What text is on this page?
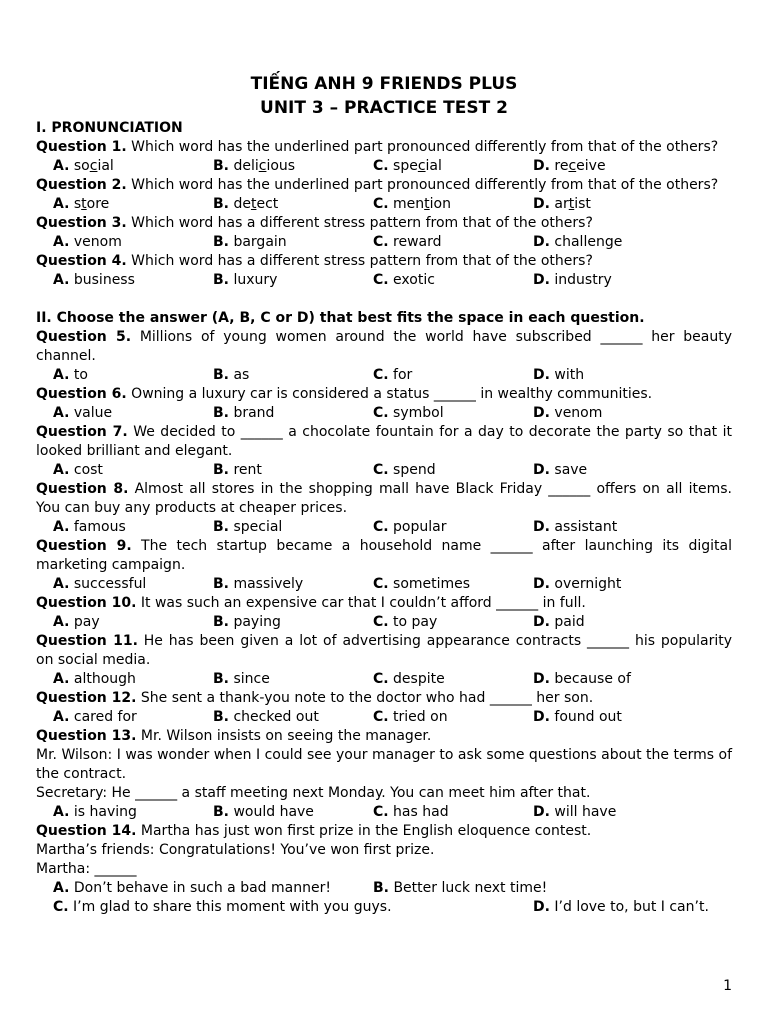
TIẾNG ANH 9 FRIENDS PLUS
UNIT 3 – PRACTICE TEST 2
I. PRONUNCIATION
Question 1. Which word has the underlined part pronounced differently from that of the others?
A. social	B. delicious	C. special	D. receive
Question 2. Which word has the underlined part pronounced differently from that of the others?
A. store	B. detect	C. mention	D. artist
Question 3. Which word has a different stress pattern from that of the others?
A. venom	B. bargain	C. reward	D. challenge
Question 4. Which word has a different stress pattern from that of the others?
A. business	B. luxury	C. exotic	D. industry
II. Choose the answer (A, B, C or D) that best fits the space in each question.
Question 5. Millions of young women around the world have subscribed ______ her beauty channel.
A. to	B. as	C. for	D. with
Question 6. Owning a luxury car is considered a status ______ in wealthy communities.
A. value	B. brand	C. symbol	D. venom
Question 7. We decided to ______ a chocolate fountain for a day to decorate the party so that it looked brilliant and elegant.
A. cost	B. rent	C. spend	D. save
Question 8. Almost all stores in the shopping mall have Black Friday ______ offers on all items. You can buy any products at cheaper prices.
A. famous	B. special	C. popular	D. assistant
Question 9. The tech startup became a household name ______ after launching its digital marketing campaign.
A. successful	B. massively	C. sometimes	D. overnight
Question 10. It was such an expensive car that I couldn’t afford ______ in full.
A. pay	B. paying	C. to pay	D. paid
Question 11. He has been given a lot of advertising appearance contracts ______ his popularity on social media.
A. although	B. since	C. despite	D. because of
Question 12. She sent a thank-you note to the doctor who had ______ her son.
A. cared for	B. checked out	C. tried on	D. found out
Question 13. Mr. Wilson insists on seeing the manager.
Mr. Wilson: I was wonder when I could see your manager to ask some questions about the terms of the contract.
Secretary: He ______ a staff meeting next Monday. You can meet him after that.
A. is having	B. would have	C. has had	D. will have
Question 14. Martha has just won first prize in the English eloquence contest.
Martha’s friends: Congratulations! You’ve won first prize.
Martha: ______
A. Don’t behave in such a bad manner!	B. Better luck next time!
C. I’m glad to share this moment with you guys.	D. I’d love to, but I can’t.
1
